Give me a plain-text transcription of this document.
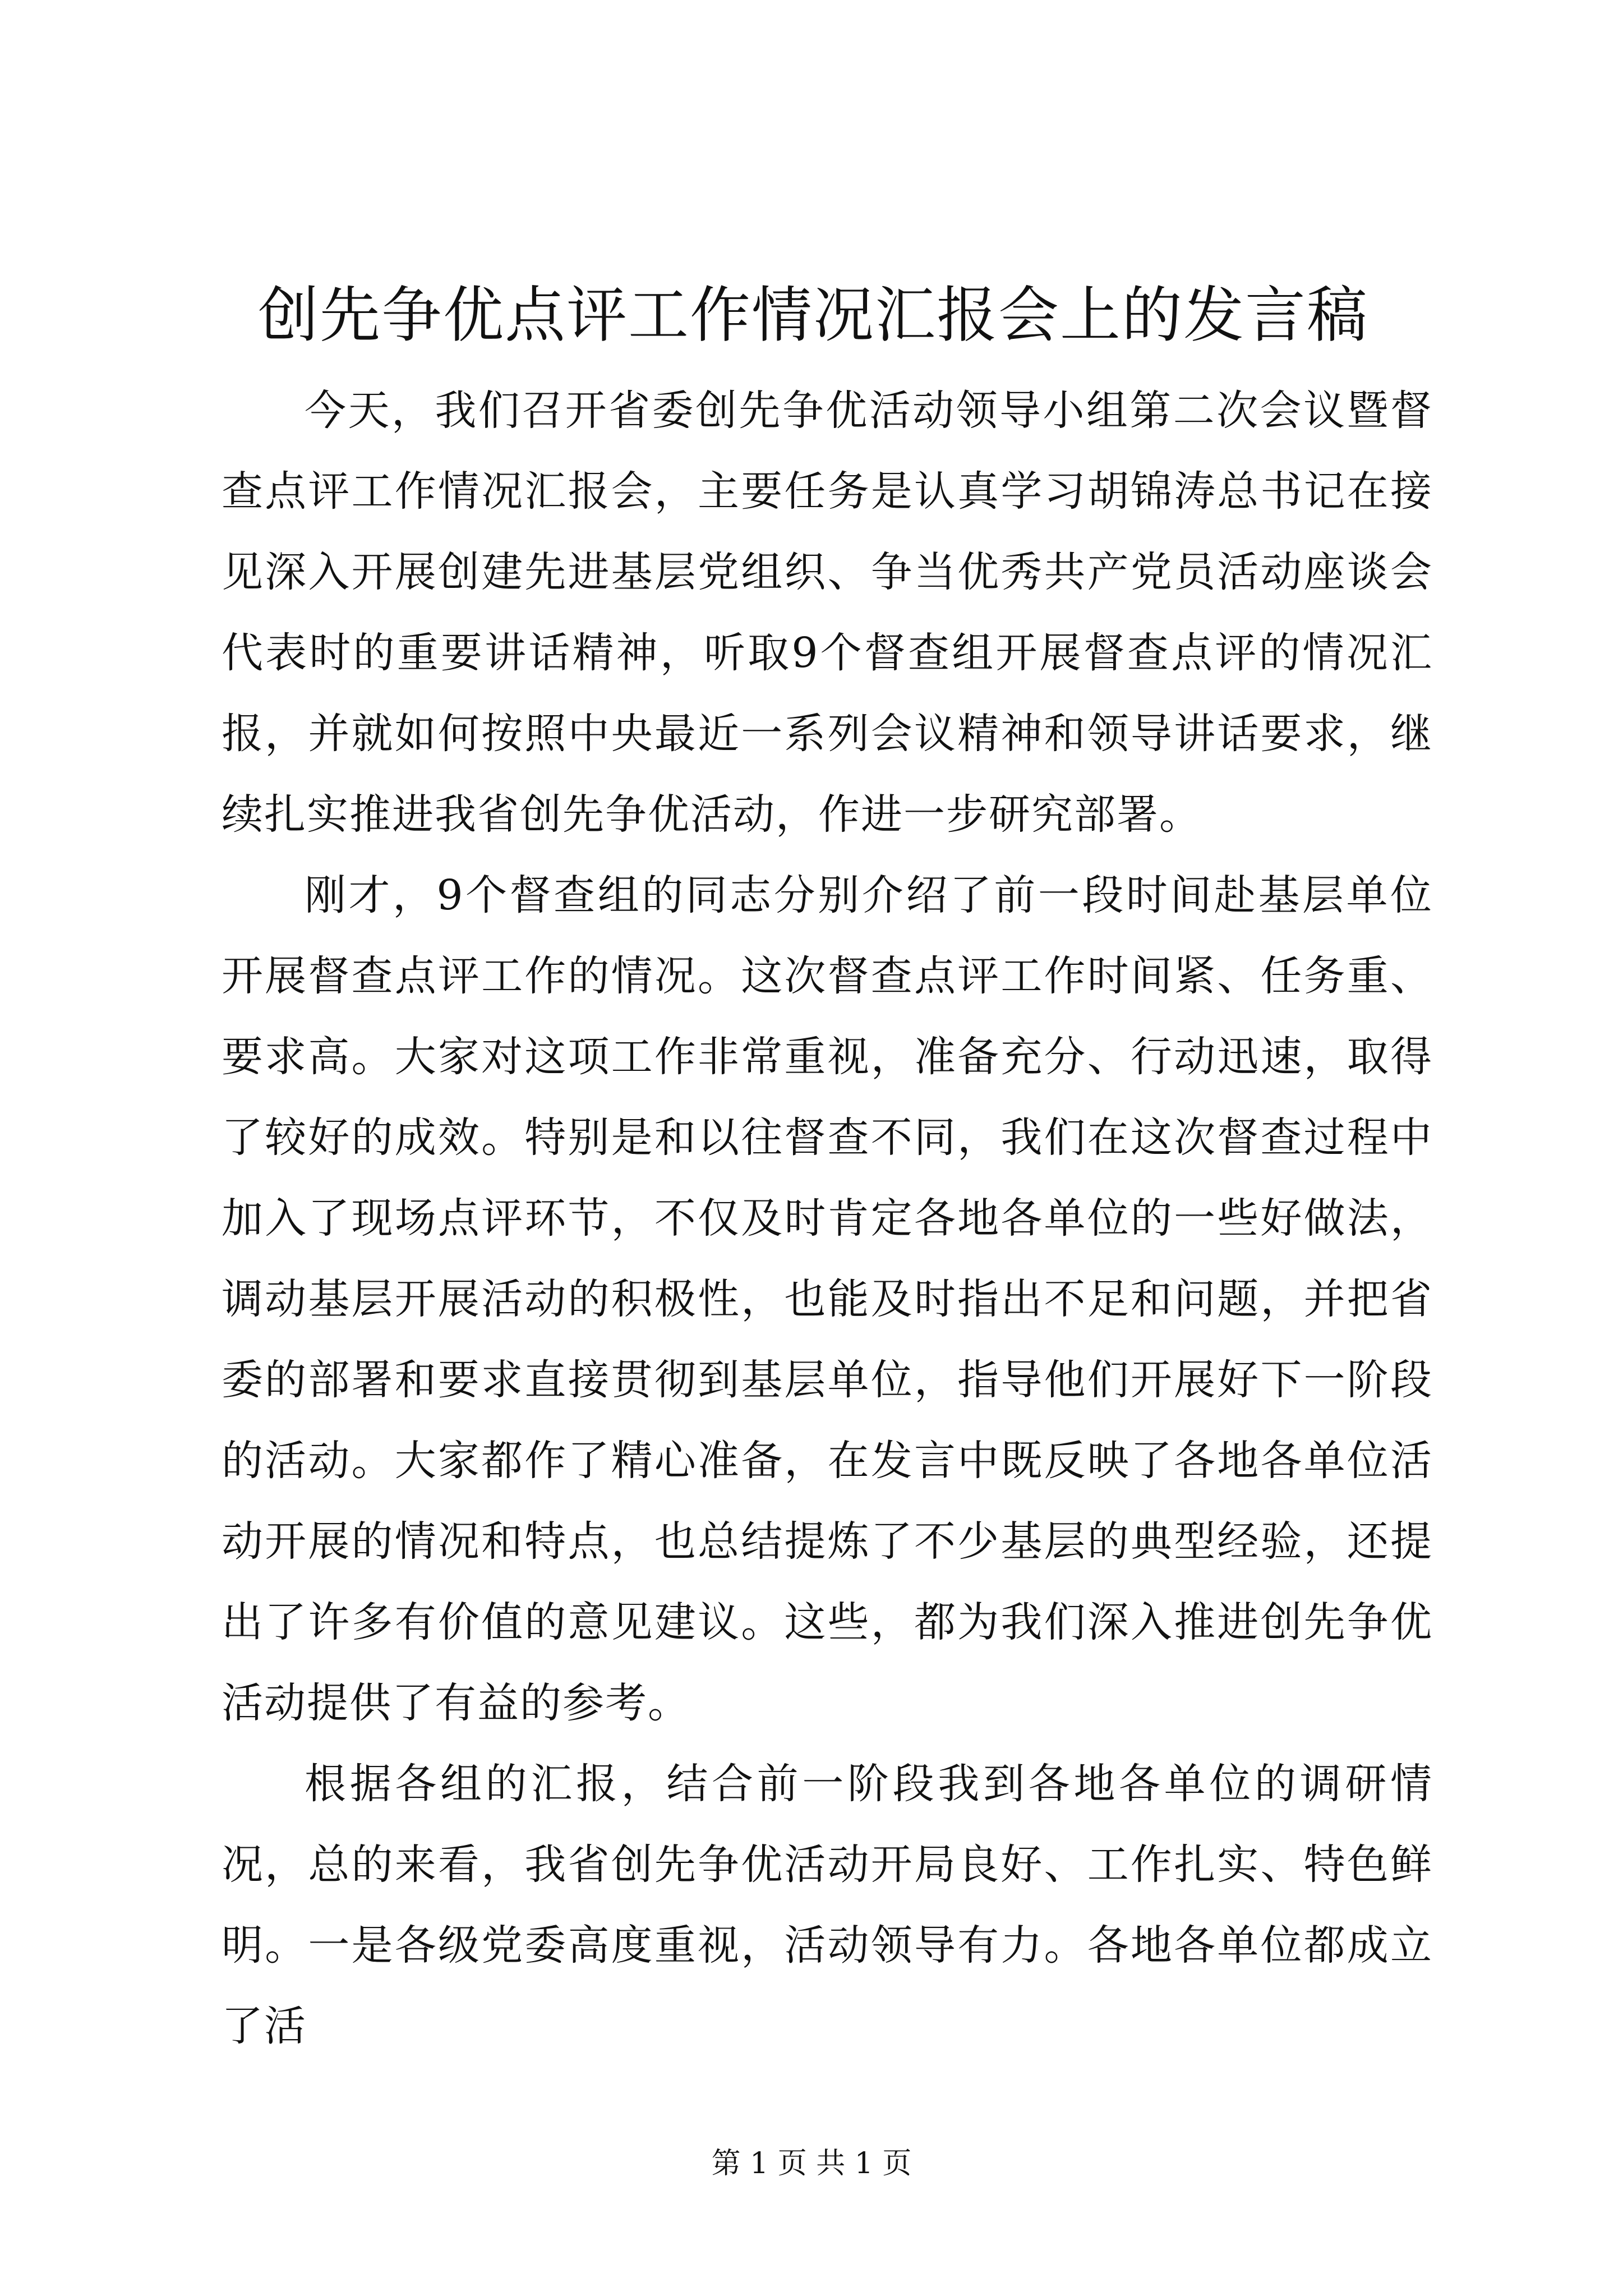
创先争优点评工作情况汇报会上的发言稿

今天，我们召开省委创先争优活动领导小组第二次会议暨督查点评工作情况汇报会，主要任务是认真学习胡锦涛总书记在接见深入开展创建先进基层党组织、争当优秀共产党员活动座谈会代表时的重要讲话精神，听取9个督查组开展督查点评的情况汇报，并就如何按照中央最近一系列会议精神和领导讲话要求，继续扎实推进我省创先争优活动，作进一步研究部署。

刚才，9个督查组的同志分别介绍了前一段时间赴基层单位开展督查点评工作的情况。这次督查点评工作时间紧、任务重、要求高。大家对这项工作非常重视，准备充分、行动迅速，取得了较好的成效。特别是和以往督查不同，我们在这次督查过程中加入了现场点评环节，不仅及时肯定各地各单位的一些好做法，调动基层开展活动的积极性，也能及时指出不足和问题，并把省委的部署和要求直接贯彻到基层单位，指导他们开展好下一阶段的活动。大家都作了精心准备，在发言中既反映了各地各单位活动开展的情况和特点，也总结提炼了不少基层的典型经验，还提出了许多有价值的意见建议。这些，都为我们深入推进创先争优活动提供了有益的参考。

根据各组的汇报，结合前一阶段我到各地各单位的调研情况，总的来看，我省创先争优活动开局良好、工作扎实、特色鲜明。一是各级党委高度重视，活动领导有力。各地各单位都成立了活

第 1 页 共 1 页
